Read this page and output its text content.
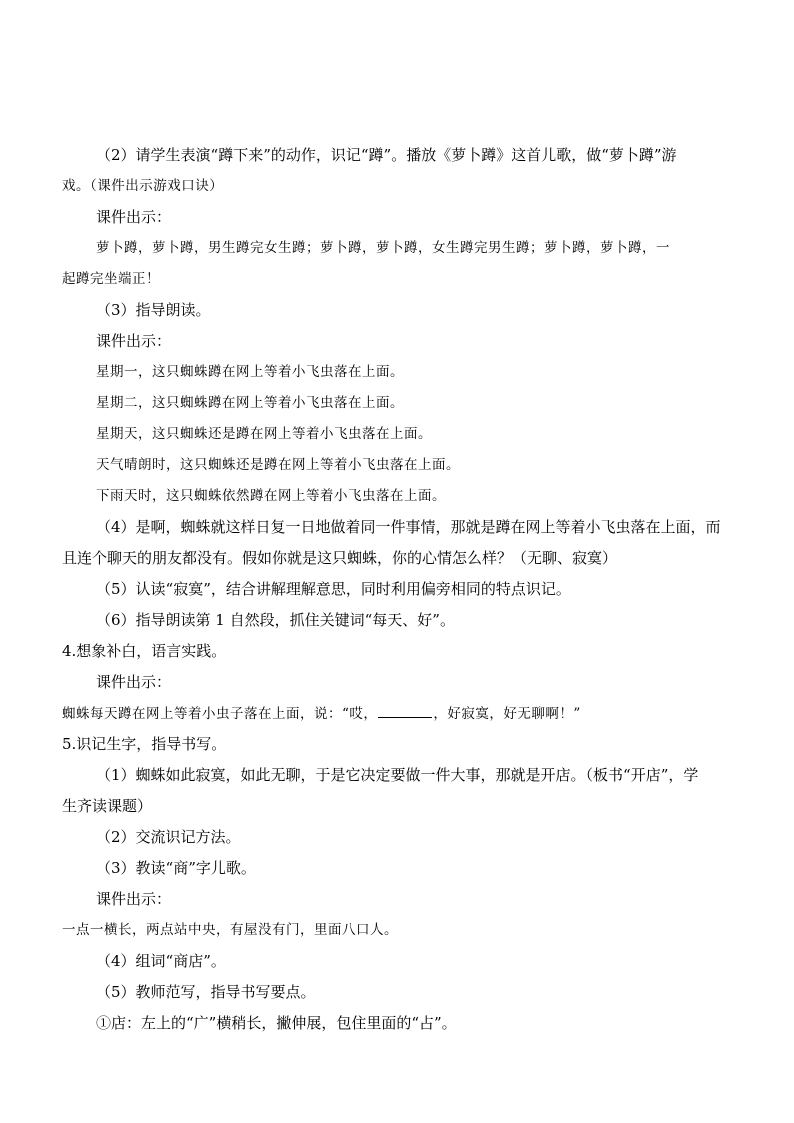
（2）请学生表演“蹲下来”的动作，识记“蹲”。播放《萝卜蹲》这首儿歌，做“萝卜蹲”游
戏。（课件出示游戏口诀）
课件出示：
萝卜蹲，萝卜蹲，男生蹲完女生蹲；萝卜蹲，萝卜蹲，女生蹲完男生蹲；萝卜蹲，萝卜蹲，一
起蹲完坐端正！
（3）指导朗读。
课件出示：
星期一，这只蜘蛛蹲在网上等着小飞虫落在上面。
星期二，这只蜘蛛蹲在网上等着小飞虫落在上面。
星期天，这只蜘蛛还是蹲在网上等着小飞虫落在上面。
天气晴朗时，这只蜘蛛还是蹲在网上等着小飞虫落在上面。
下雨天时，这只蜘蛛依然蹲在网上等着小飞虫落在上面。
（4）是啊，蜘蛛就这样日复一日地做着同一件事情，那就是蹲在网上等着小飞虫落在上面，而
且连个聊天的朋友都没有。假如你就是这只蜘蛛，你的心情怎么样？（无聊、寂寞）
（5）认读“寂寞”，结合讲解理解意思，同时利用偏旁相同的特点识记。
（6）指导朗读第 1 自然段，抓住关键词“每天、好”。
4.想象补白，语言实践。
课件出示：
蜘蛛每天蹲在网上等着小虫子落在上面，说：“哎，	，好寂寞，好无聊啊！”
5.识记生字，指导书写。
（1）蜘蛛如此寂寞，如此无聊，于是它决定要做一件大事，那就是开店。（板书“开店”，学
生齐读课题）
（2）交流识记方法。
（3）教读“商”字儿歌。
课件出示：
一点一横长，两点站中央，有屋没有门，里面八口人。
（4）组词“商店”。
（5）教师范写，指导书写要点。
①店：左上的“广”横稍长，撇伸展，包住里面的“占”。
